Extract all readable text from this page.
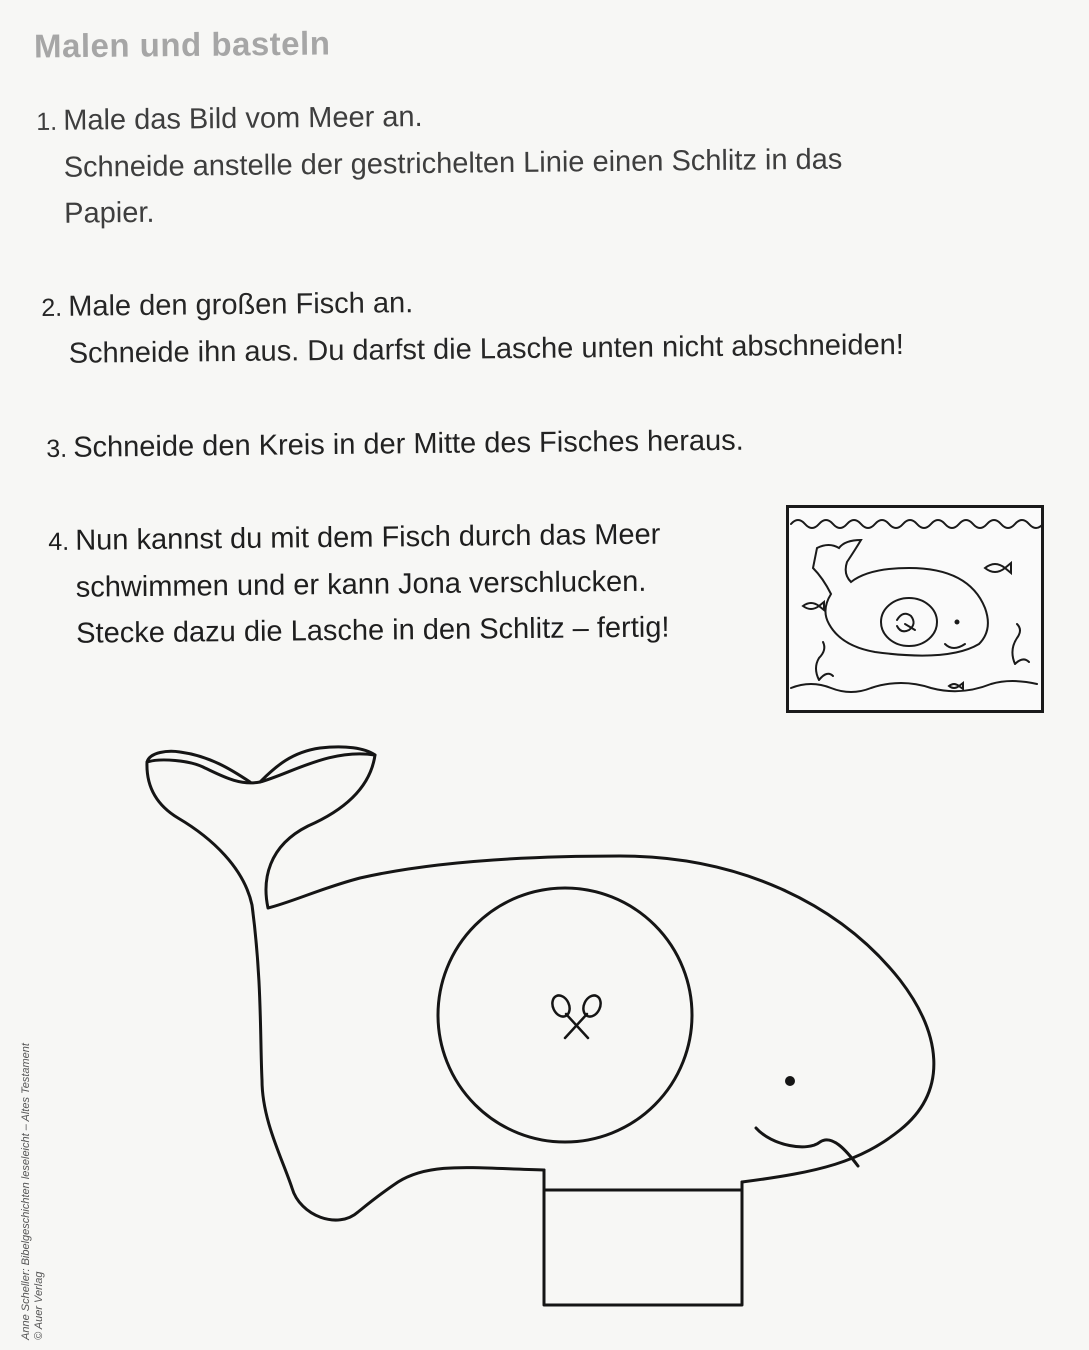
Malen und basteln
1. Male das Bild vom Meer an.
Schneide anstelle der gestrichelten Linie einen Schlitz in das
Papier.
2. Male den großen Fisch an.
Schneide ihn aus. Du darfst die Lasche unten nicht abschneiden!
3. Schneide den Kreis in der Mitte des Fisches heraus.
4. Nun kannst du mit dem Fisch durch das Meer
schwimmen und er kann Jona verschlucken.
Stecke dazu die Lasche in den Schlitz – fertig!
Anne Scheller: Bibelgeschichten leseleicht – Altes Testament © Auer Verlag
